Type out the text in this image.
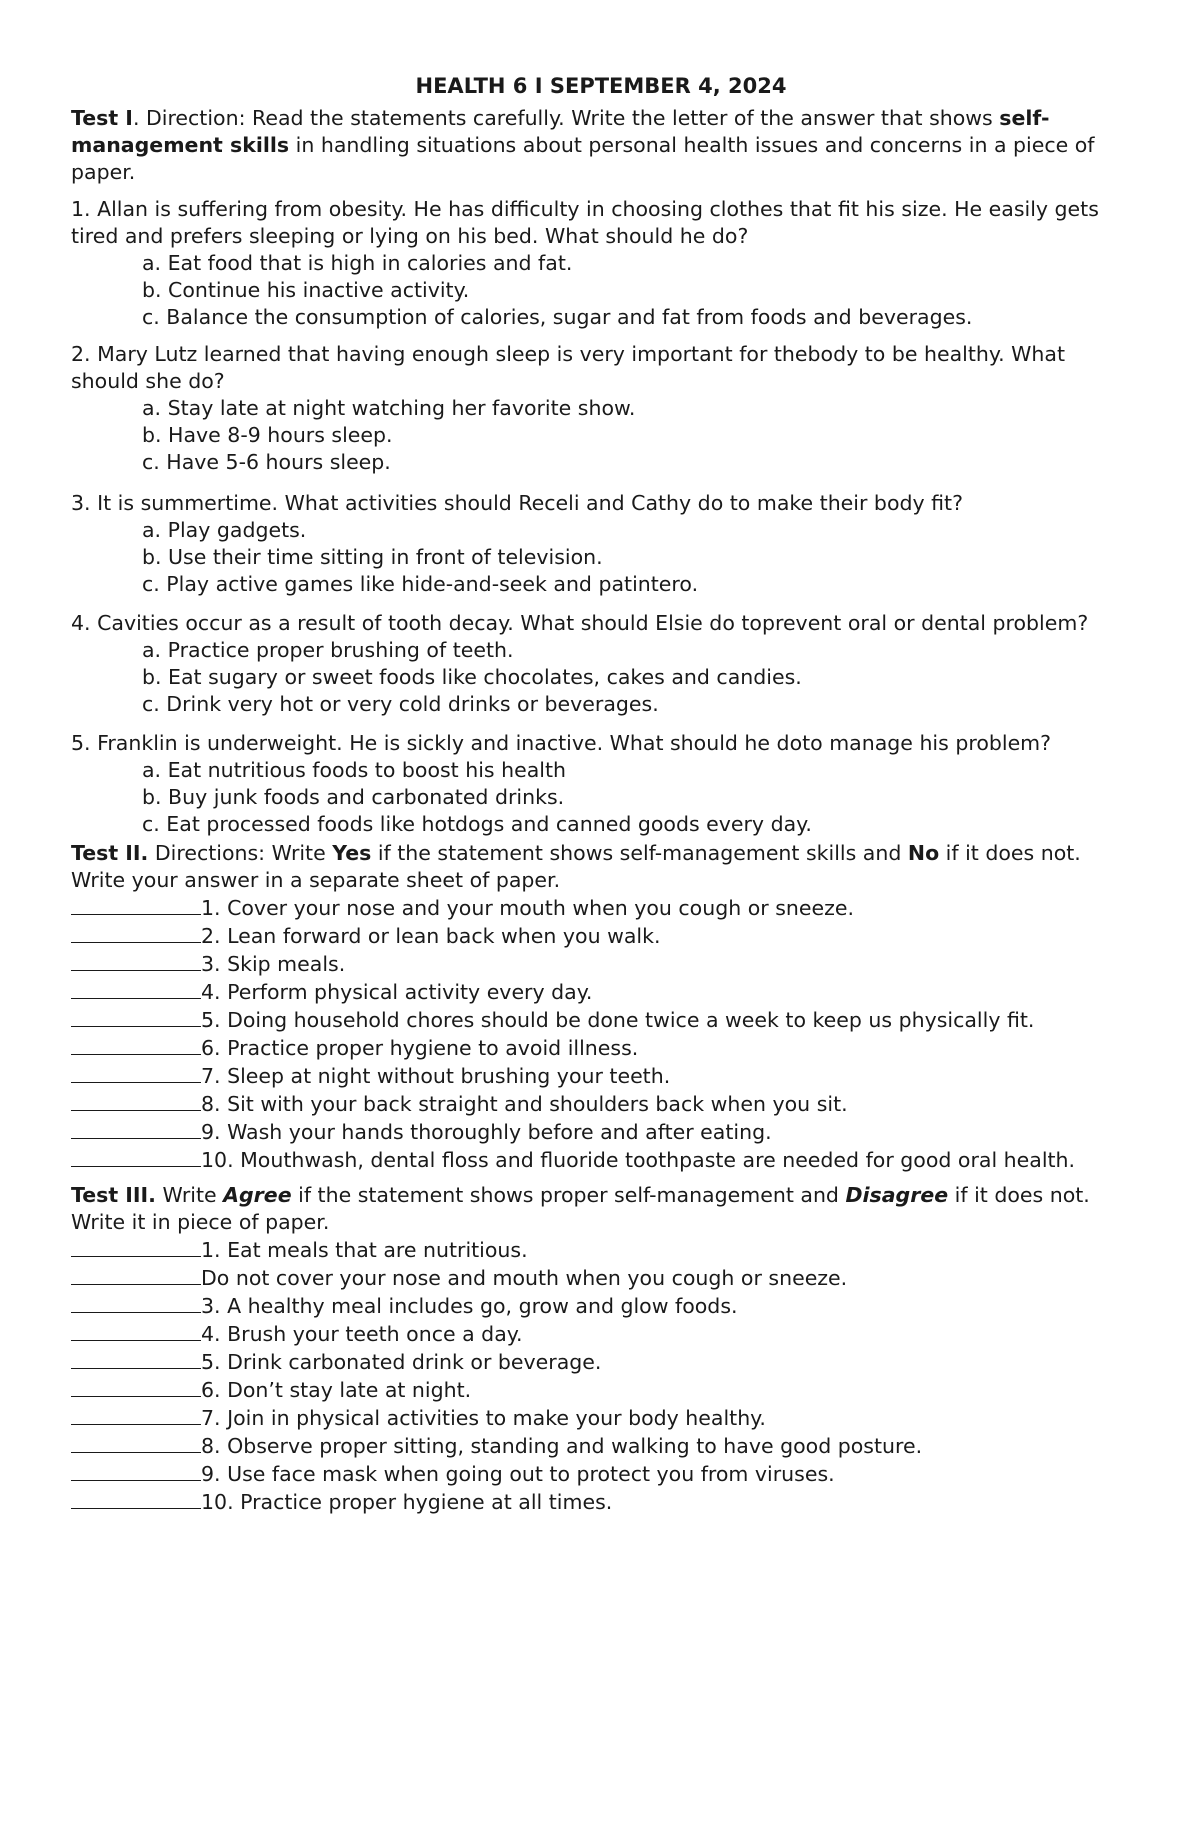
HEALTH 6 I SEPTEMBER 4, 2024

Test I. Direction: Read the statements carefully. Write the letter of the answer that shows self-management skills in handling situations about personal health issues and concerns in a piece of paper.

1. Allan is suffering from obesity. He has difficulty in choosing clothes that fit his size. He easily gets tired and prefers sleeping or lying on his bed. What should he do?

a. Eat food that is high in calories and fat.
b. Continue his inactive activity.
c. Balance the consumption of calories, sugar and fat from foods and beverages.

2. Mary Lutz learned that having enough sleep is very important for thebody to be healthy. What should she do?

a. Stay late at night watching her favorite show.
b. Have 8-9 hours sleep.
c. Have 5-6 hours sleep.

3. It is summertime. What activities should Receli and Cathy do to make their body fit?

a. Play gadgets.
b. Use their time sitting in front of television.
c. Play active games like hide-and-seek and patintero.

4. Cavities occur as a result of tooth decay. What should Elsie do toprevent oral or dental problem?

a. Practice proper brushing of teeth.
b. Eat sugary or sweet foods like chocolates, cakes and candies.
c. Drink very hot or very cold drinks or beverages.

5. Franklin is underweight. He is sickly and inactive. What should he doto manage his problem?

a. Eat nutritious foods to boost his health
b. Buy junk foods and carbonated drinks.
c. Eat processed foods like hotdogs and canned goods every day.

Test II. Directions: Write Yes if the statement shows self-management skills and No if it does not. Write your answer in a separate sheet of paper.

1. Cover your nose and your mouth when you cough or sneeze.
2. Lean forward or lean back when you walk.
3. Skip meals.
4. Perform physical activity every day.
5. Doing household chores should be done twice a week to keep us physically fit.
6. Practice proper hygiene to avoid illness.
7. Sleep at night without brushing your teeth.
8. Sit with your back straight and shoulders back when you sit.
9. Wash your hands thoroughly before and after eating.
10. Mouthwash, dental floss and fluoride toothpaste are needed for good oral health.

Test III. Write Agree if the statement shows proper self-management and Disagree if it does not. Write it in piece of paper.

1. Eat meals that are nutritious.
Do not cover your nose and mouth when you cough or sneeze.
3. A healthy meal includes go, grow and glow foods.
4. Brush your teeth once a day.
5. Drink carbonated drink or beverage.
6. Don’t stay late at night.
7. Join in physical activities to make your body healthy.
8. Observe proper sitting, standing and walking to have good posture.
9. Use face mask when going out to protect you from viruses.
10. Practice proper hygiene at all times.
